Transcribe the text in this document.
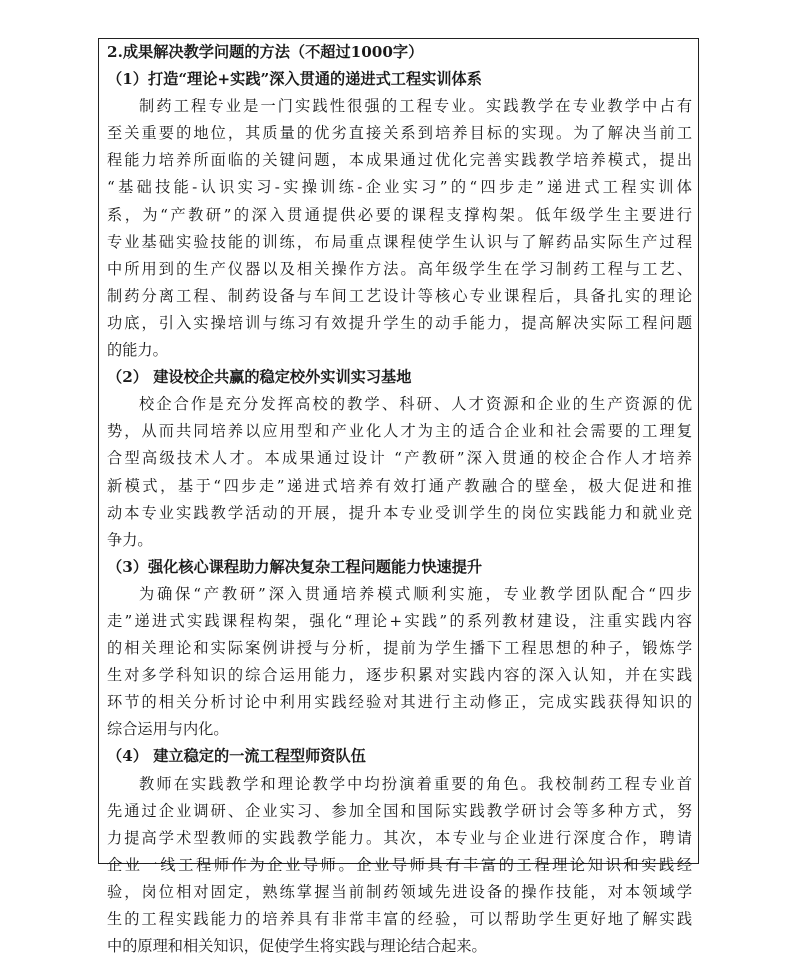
2.成果解决教学问题的方法（不超过1000字）
（1）打造“理论+实践”深入贯通的递进式工程实训体系
制药工程专业是一门实践性很强的工程专业。实践教学在专业教学中占有
至关重要的地位，其质量的优劣直接关系到培养目标的实现。为了解决当前工
程能力培养所面临的关键问题，本成果通过优化完善实践教学培养模式，提出
“基础技能-认识实习-实操训练-企业实习”的“四步走”递进式工程实训体
系，为“产教研”的深入贯通提供必要的课程支撑构架。低年级学生主要进行
专业基础实验技能的训练，布局重点课程使学生认识与了解药品实际生产过程
中所用到的生产仪器以及相关操作方法。高年级学生在学习制药工程与工艺、
制药分离工程、制药设备与车间工艺设计等核心专业课程后，具备扎实的理论
功底，引入实操培训与练习有效提升学生的动手能力，提高解决实际工程问题
的能力。
（2） 建设校企共赢的稳定校外实训实习基地
校企合作是充分发挥高校的教学、科研、人才资源和企业的生产资源的优
势，从而共同培养以应用型和产业化人才为主的适合企业和社会需要的工理复
合型高级技术人才。本成果通过设计 “产教研”深入贯通的校企合作人才培养
新模式，基于“四步走”递进式培养有效打通产教融合的壁垒，极大促进和推
动本专业实践教学活动的开展，提升本专业受训学生的岗位实践能力和就业竞
争力。
（3）强化核心课程助力解决复杂工程问题能力快速提升
为确保“产教研”深入贯通培养模式顺利实施，专业教学团队配合“四步
走”递进式实践课程构架，强化“理论+实践”的系列教材建设，注重实践内容
的相关理论和实际案例讲授与分析，提前为学生播下工程思想的种子，锻炼学
生对多学科知识的综合运用能力，逐步积累对实践内容的深入认知，并在实践
环节的相关分析讨论中利用实践经验对其进行主动修正，完成实践获得知识的
综合运用与内化。
（4） 建立稳定的一流工程型师资队伍
教师在实践教学和理论教学中均扮演着重要的角色。我校制药工程专业首
先通过企业调研、企业实习、参加全国和国际实践教学研讨会等多种方式，努
力提高学术型教师的实践教学能力。其次，本专业与企业进行深度合作，聘请
企业一线工程师作为企业导师。企业导师具有丰富的工程理论知识和实践经
验，岗位相对固定，熟练掌握当前制药领域先进设备的操作技能，对本领域学
生的工程实践能力的培养具有非常丰富的经验，可以帮助学生更好地了解实践
中的原理和相关知识，促使学生将实践与理论结合起来。
